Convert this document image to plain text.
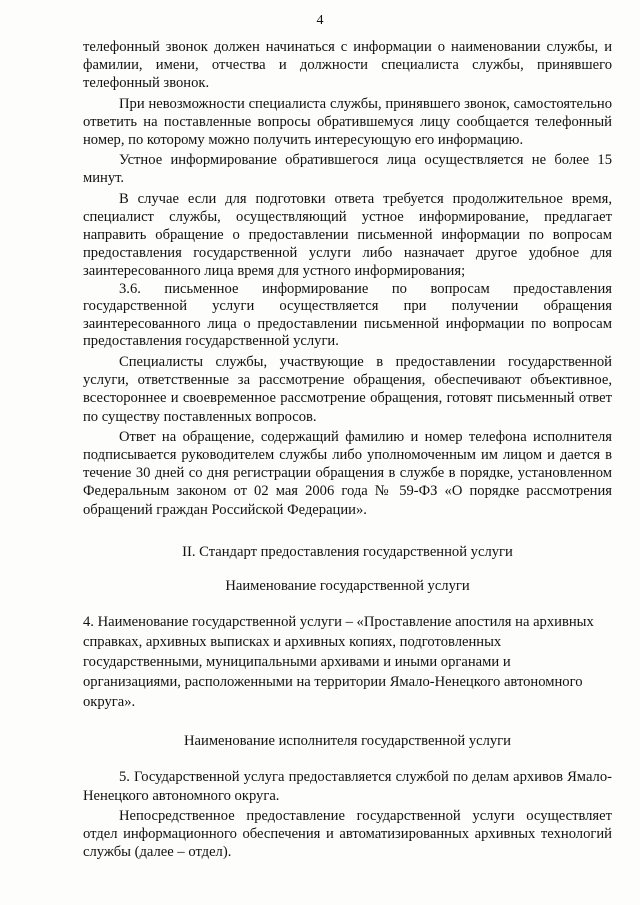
4

телефонный звонок должен начинаться с информации о наименовании службы, и фамилии, имени, отчества и должности специалиста службы, принявшего телефонный звонок.

При невозможности специалиста службы, принявшего звонок, самостоятельно ответить на поставленные вопросы обратившемуся лицу сообщается телефонный номер, по которому можно получить интересующую его информацию.

Устное информирование обратившегося лица осуществляется не более 15 минут.

В случае если для подготовки ответа требуется продолжительное время, специалист службы, осуществляющий устное информирование, предлагает направить обращение о предоставлении письменной информации по вопросам предоставления государственной услуги либо назначает другое удобное для заинтересованного лица время для устного информирования;

3.6. письменное информирование по вопросам предоставления государственной услуги осуществляется при получении обращения заинтересованного лица о предоставлении письменной информации по вопросам предоставления государственной услуги.

Специалисты службы, участвующие в предоставлении государственной услуги, ответственные за рассмотрение обращения, обеспечивают объективное, всестороннее и своевременное рассмотрение обращения, готовят письменный ответ по существу поставленных вопросов.

Ответ на обращение, содержащий фамилию и номер телефона исполнителя подписывается руководителем службы либо уполномоченным им лицом и дается в течение 30 дней со дня регистрации обращения в службе в порядке, установленном Федеральным законом от 02 мая 2006 года № 59-ФЗ «О порядке рассмотрения обращений граждан Российской Федерации».

II. Стандарт предоставления государственной услуги

Наименование государственной услуги

4. Наименование государственной услуги – «Проставление апостиля на архивных справках, архивных выписках и архивных копиях, подготовленных государственными, муниципальными архивами и иными органами и организациями, расположенными на территории Ямало-Ненецкого автономного округа».

Наименование исполнителя государственной услуги

5. Государственной услуга предоставляется службой по делам архивов Ямало-Ненецкого автономного округа.

Непосредственное предоставление государственной услуги осуществляет отдел информационного обеспечения и автоматизированных архивных технологий службы (далее – отдел).
